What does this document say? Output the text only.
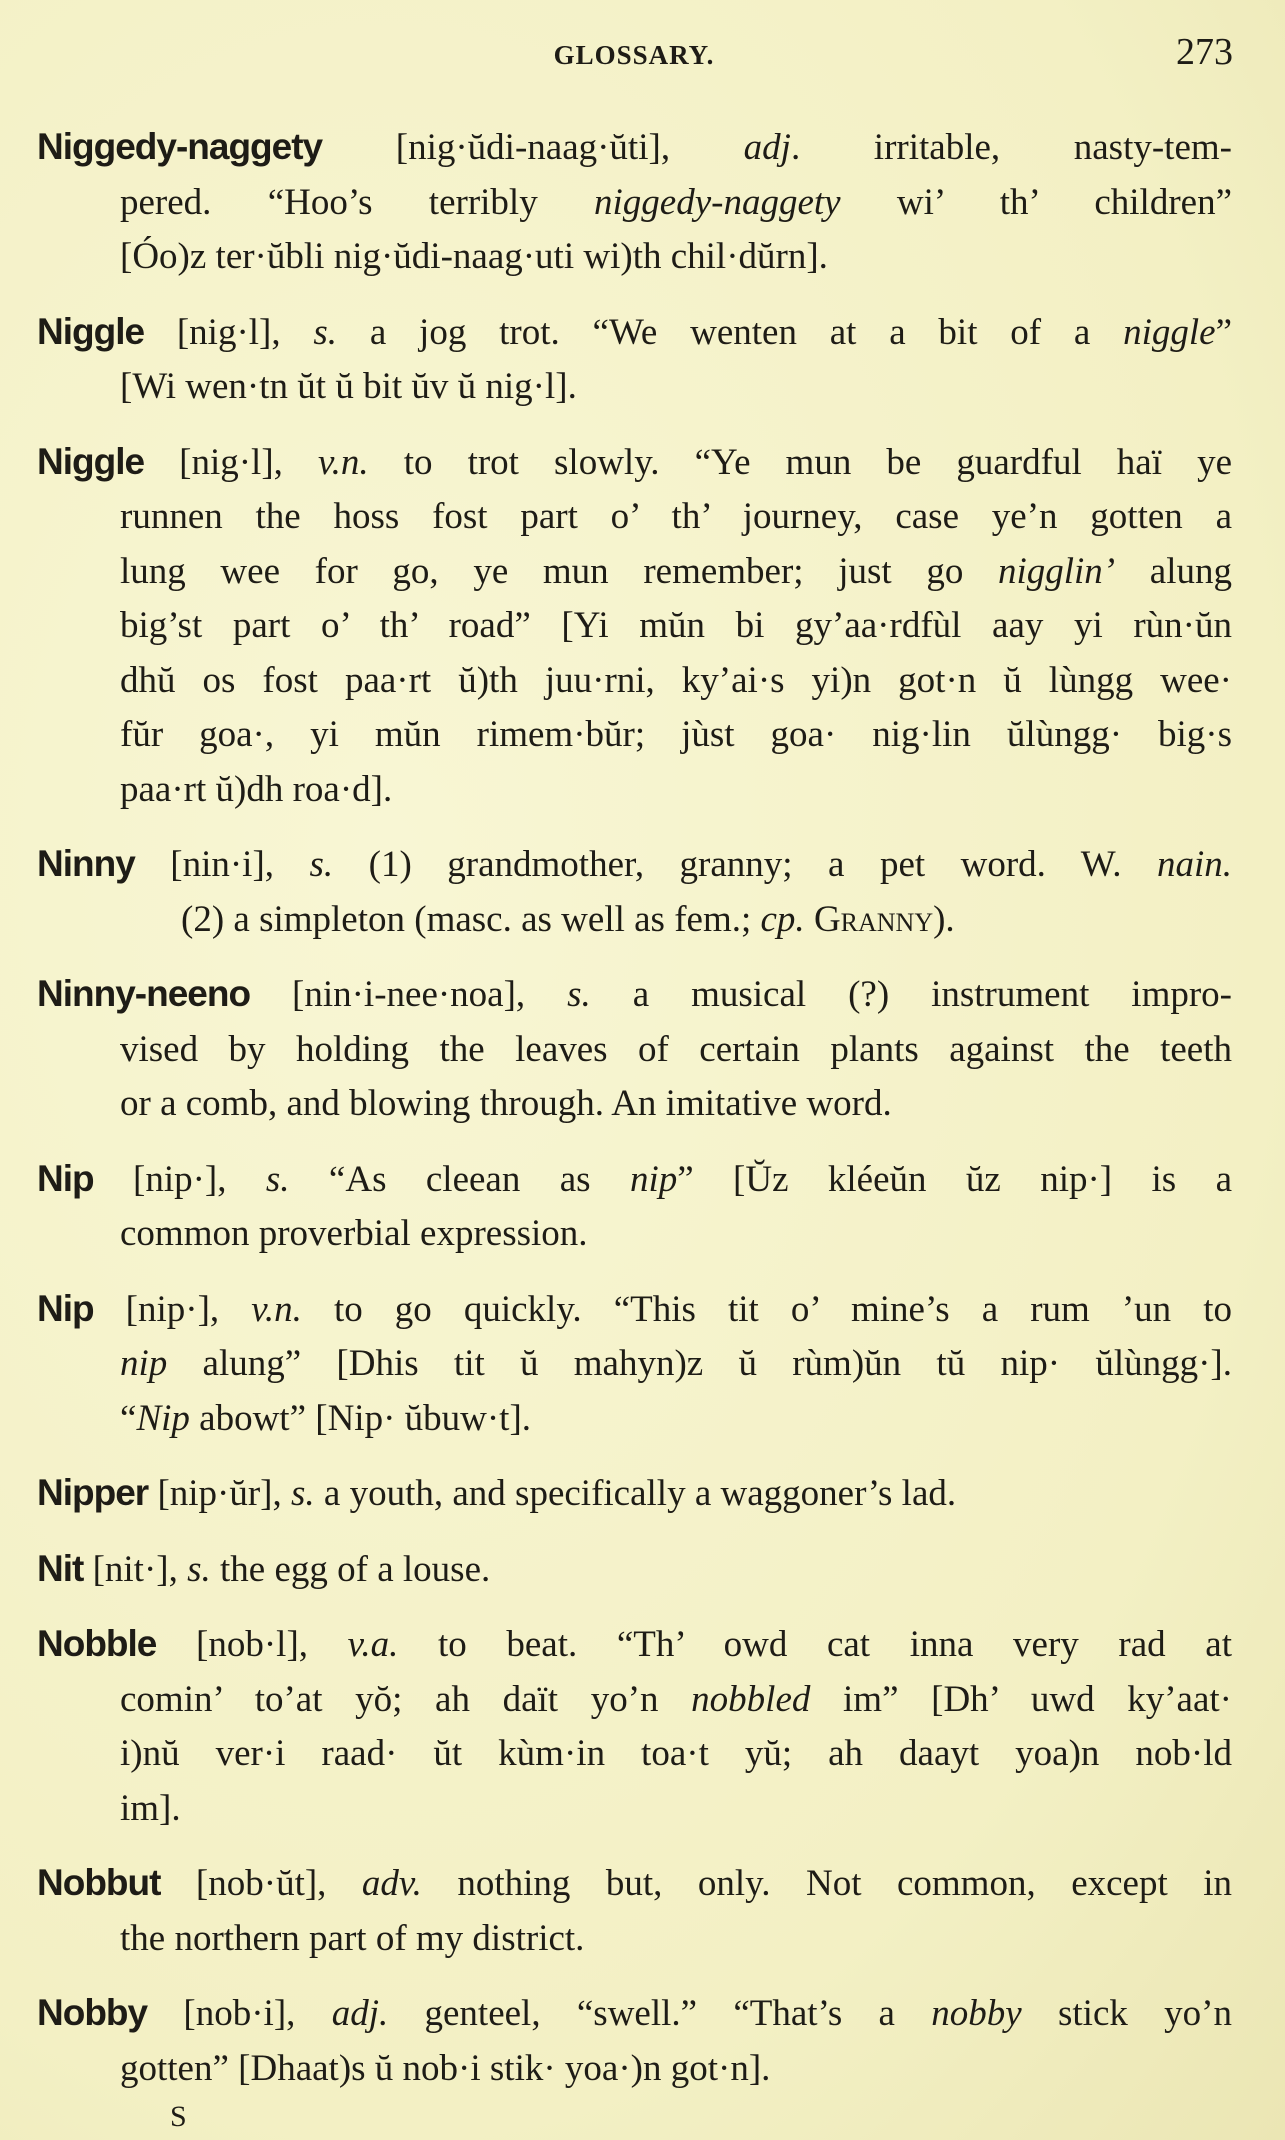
GLOSSARY.	273
Niggedy-naggety [nig·ŭdi-naag·ŭti], adj. irritable, nasty-tem-
pered. “Hoo’s terribly niggedy-naggety wi’ th’ children”
[Óo)z ter·ŭbli nig·ŭdi-naag·uti wi)th chil·dŭrn].
Niggle [nig·l], s. a jog trot. “We wenten at a bit of a niggle”
[Wi wen·tn ŭt ŭ bit ŭv ŭ nig·l].
Niggle [nig·l], v.n. to trot slowly. “Ye mun be guardful haï ye
runnen the hoss fost part o’ th’ journey, case ye’n gotten a
lung wee for go, ye mun remember; just go nigglin’ alung
big’st part o’ th’ road” [Yi mŭn bi gy’aa·rdfùl aay yi rùn·ŭn
dhŭ os fost paa·rt ŭ)th juu·rni, ky’ai·s yi)n got·n ŭ lùngg wee·
fŭr goa·, yi mŭn rimem·bŭr; jùst goa· nig·lin ŭlùngg· big·s
paa·rt ŭ)dh roa·d].
Ninny [nin·i], s. (1) grandmother, granny; a pet word. W. nain.
(2) a simpleton (masc. as well as fem.; cp. Granny).
Ninny-neeno [nin·i-nee·noa], s. a musical (?) instrument impro-
vised by holding the leaves of certain plants against the teeth
or a comb, and blowing through. An imitative word.
Nip [nip·], s. “As cleean as nip” [Ŭz kléeŭn ŭz nip·] is a
common proverbial expression.
Nip [nip·], v.n. to go quickly. “This tit o’ mine’s a rum ’un to
nip alung” [Dhis tit ŭ mahyn)z ŭ rùm)ŭn tŭ nip· ŭlùngg·].
“Nip abowt” [Nip· ŭbuw·t].
Nipper [nip·ŭr], s. a youth, and specifically a waggoner’s lad.
Nit [nit·], s. the egg of a louse.
Nobble [nob·l], v.a. to beat. “Th’ owd cat inna very rad at
comin’ to’at yŏ; ah daït yo’n nobbled im” [Dh’ uwd ky’aat·
i)nŭ ver·i raad· ŭt kùm·in toa·t yŭ; ah daayt yoa)n nob·ld
im].
Nobbut [nob·ŭt], adv. nothing but, only. Not common, except in
the northern part of my district.
Nobby [nob·i], adj. genteel, “swell.” “That’s a nobby stick yo’n
gotten” [Dhaat)s ŭ nob·i stik· yoa·)n got·n].
S
